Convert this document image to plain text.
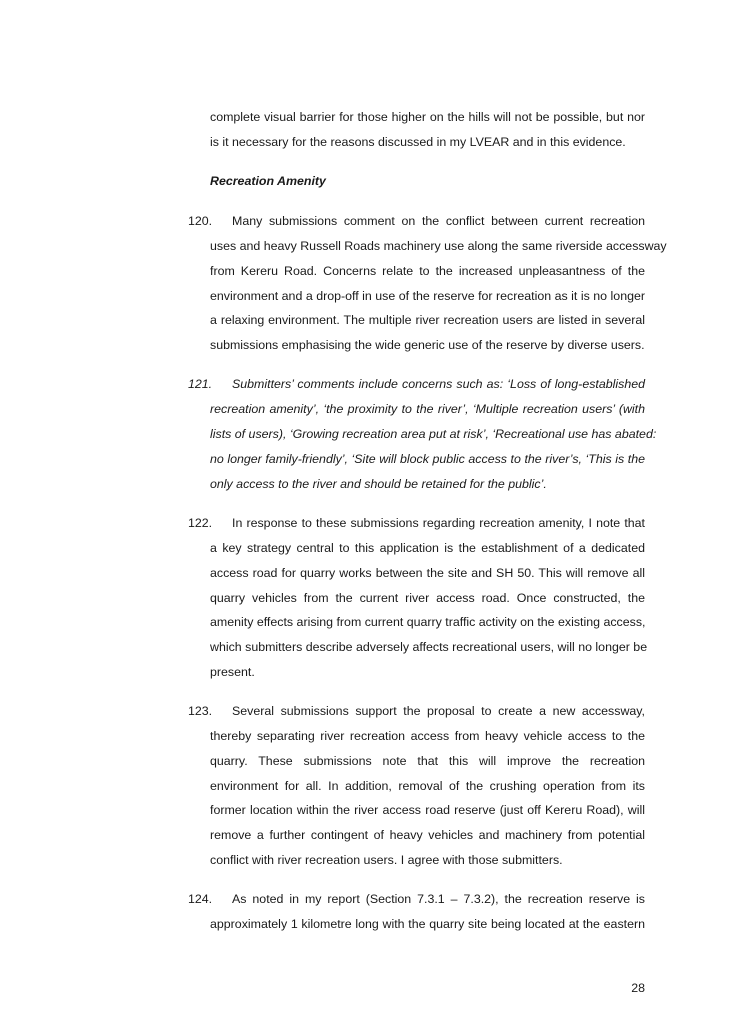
complete visual barrier for those higher on the hills will not be possible, but nor
is it necessary for the reasons discussed in my LVEAR and in this evidence.
Recreation Amenity
120. Many submissions comment on the conflict between current recreation
uses and heavy Russell Roads machinery use along the same riverside accessway
from Kereru Road. Concerns relate to the increased unpleasantness of the
environment and a drop-off in use of the reserve for recreation as it is no longer
a relaxing environment. The multiple river recreation users are listed in several
submissions emphasising the wide generic use of the reserve by diverse users.
121. Submitters’ comments include concerns such as: ‘Loss of long-established
recreation amenity’, ‘the proximity to the river’, ‘Multiple recreation users’ (with
lists of users), ‘Growing recreation area put at risk’, ‘Recreational use has abated:
no longer family-friendly’, ‘Site will block public access to the river’s, ‘This is the
only access to the river and should be retained for the public’.
122. In response to these submissions regarding recreation amenity, I note that
a key strategy central to this application is the establishment of a dedicated
access road for quarry works between the site and SH 50. This will remove all
quarry vehicles from the current river access road. Once constructed, the
amenity effects arising from current quarry traffic activity on the existing access,
which submitters describe adversely affects recreational users, will no longer be
present.
123. Several submissions support the proposal to create a new accessway,
thereby separating river recreation access from heavy vehicle access to the
quarry. These submissions note that this will improve the recreation
environment for all. In addition, removal of the crushing operation from its
former location within the river access road reserve (just off Kereru Road), will
remove a further contingent of heavy vehicles and machinery from potential
conflict with river recreation users. I agree with those submitters.
124. As noted in my report (Section 7.3.1 – 7.3.2), the recreation reserve is
approximately 1 kilometre long with the quarry site being located at the eastern
28
